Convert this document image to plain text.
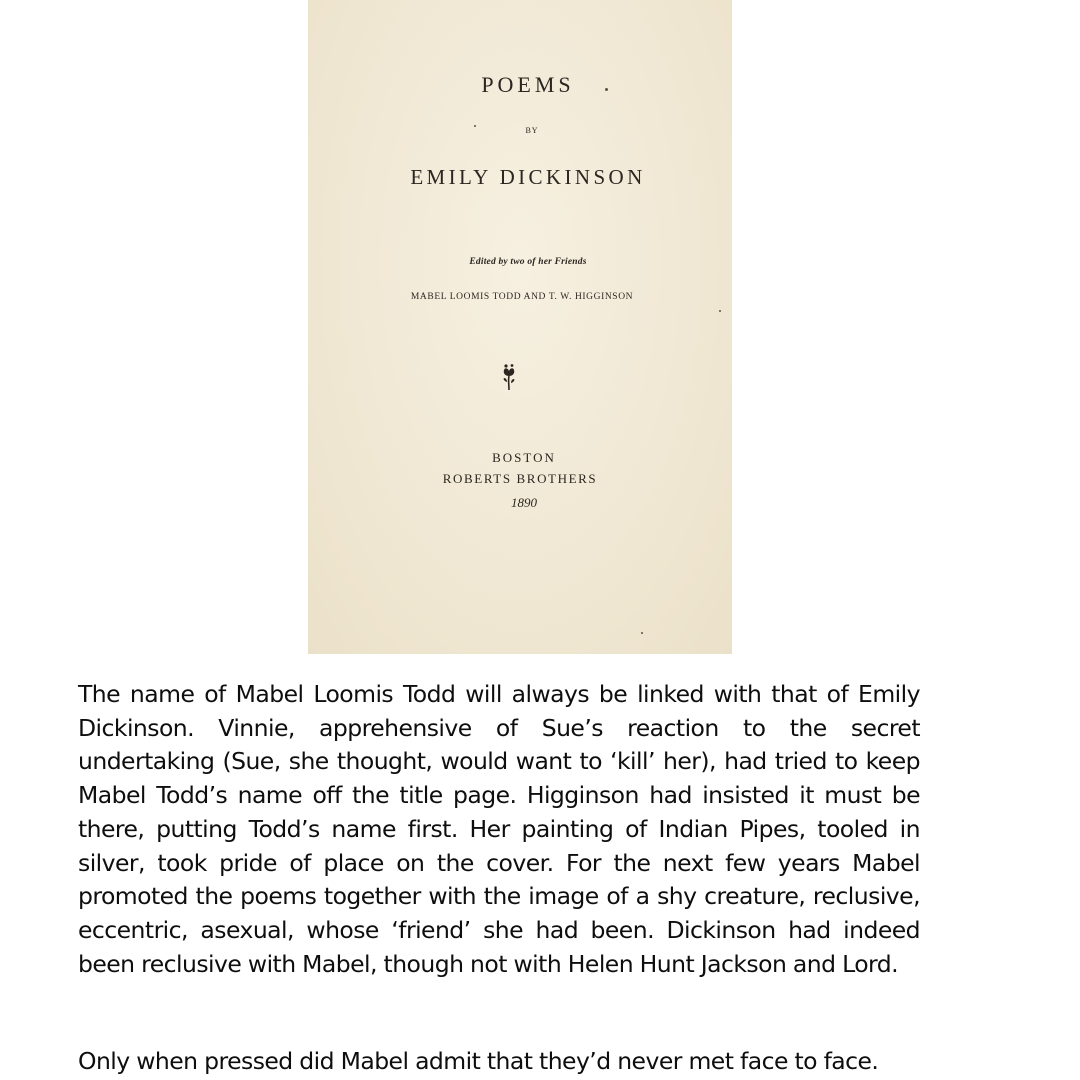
POEMS
BY
EMILY DICKINSON
Edited by two of her Friends
MABEL LOOMIS TODD AND T. W. HIGGINSON
BOSTON
ROBERTS BROTHERS
1890

The name of Mabel Loomis Todd will always be linked with that of Emily Dickinson. Vinnie, apprehensive of Sue’s reaction to the secret undertaking (Sue, she thought, would want to ‘kill’ her), had tried to keep Mabel Todd’s name off the title page. Higginson had insisted it must be there, putting Todd’s name first. Her painting of Indian Pipes, tooled in silver, took pride of place on the cover. For the next few years Mabel promoted the poems together with the image of a shy creature, reclusive, eccentric, asexual, whose ‘friend’ she had been. Dickinson had indeed been reclusive with Mabel, though not with Helen Hunt Jackson and Lord.

Only when pressed did Mabel admit that they’d never met face to face.
